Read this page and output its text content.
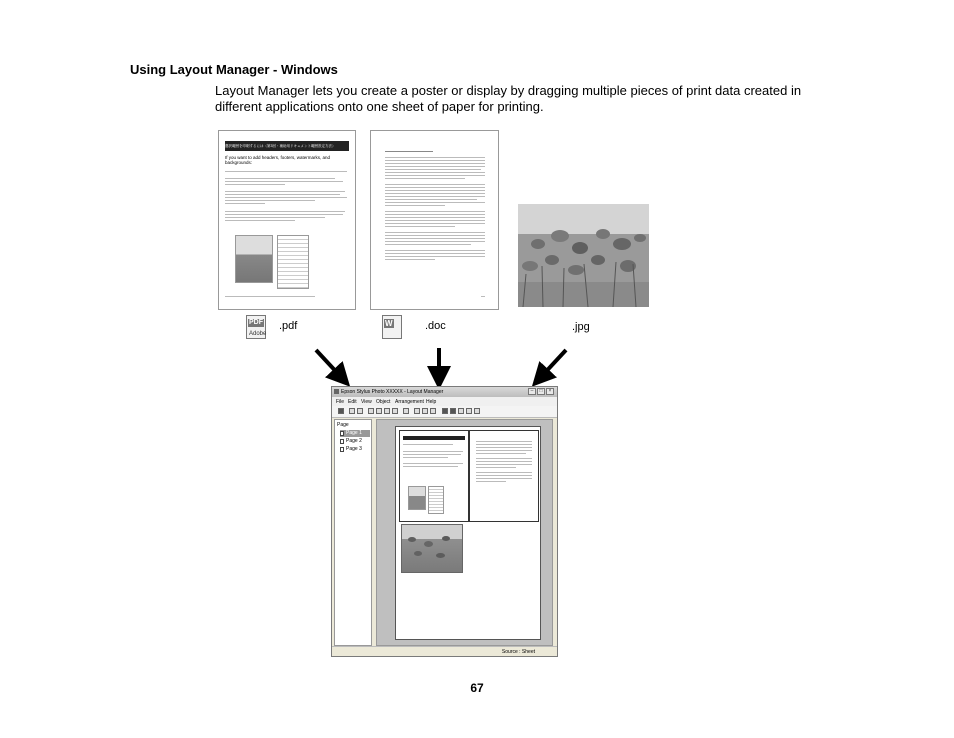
Using Layout Manager - Windows
Layout Manager lets you create a poster or display by dragging multiple pieces of print data created in different applications onto one sheet of paper for printing.
選択範囲を印刷するには（第3回・補助用ドキュメント範囲設定方法）
If you want to add headers, footers, watermarks, and backgrounds:
PDF
Adobe
.pdf	W	.doc	.jpg
Epson Stylus Photo XXXXX - Layout Manager	–	□	×
File Edit View Object Arrangement Help
Page
Page 1
Page 2
Page 3
Source : Sheet
67
